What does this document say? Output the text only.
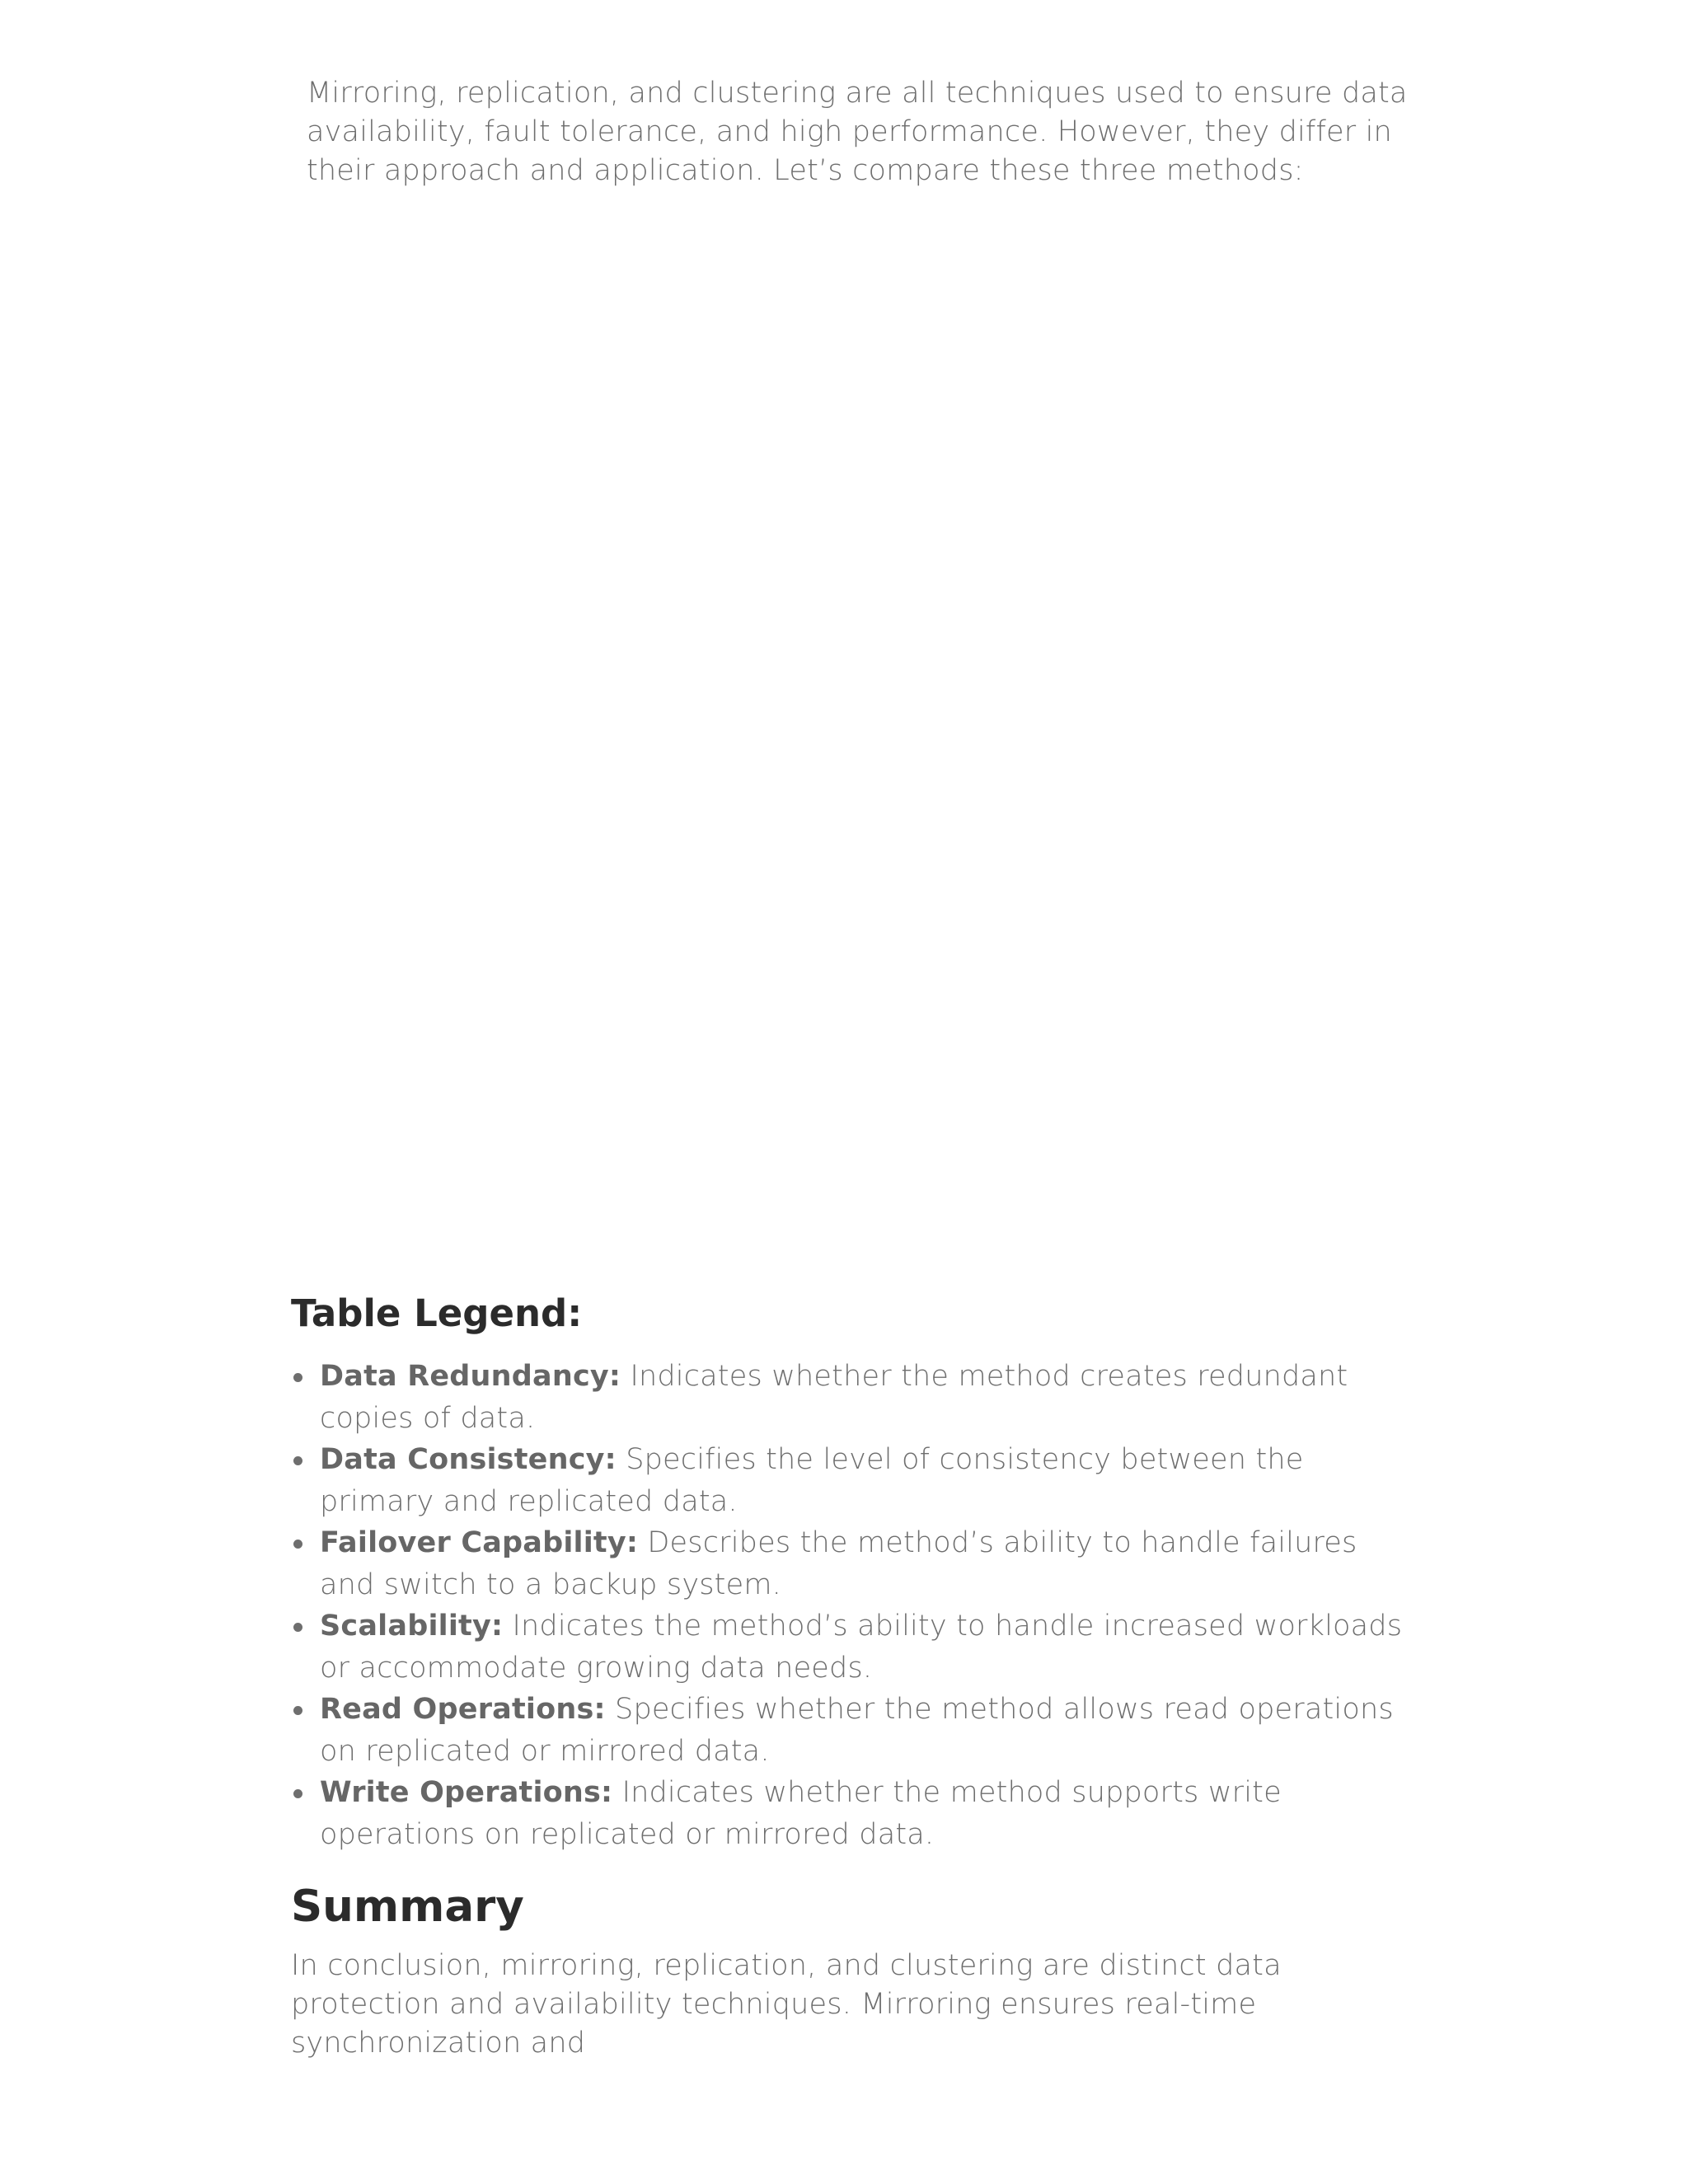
Mirroring, replication, and clustering are all techniques used to ensure data availability, fault tolerance, and high performance. However, they differ in their approach and application. Let’s compare these three methods:

Table Legend:
Data Redundancy: Indicates whether the method creates redundant copies of data.
Data Consistency: Specifies the level of consistency between the primary and replicated data.
Failover Capability: Describes the method’s ability to handle failures and switch to a backup system.
Scalability: Indicates the method’s ability to handle increased workloads or accommodate growing data needs.
Read Operations: Specifies whether the method allows read operations on replicated or mirrored data.
Write Operations: Indicates whether the method supports write operations on replicated or mirrored data.
Summary

In conclusion, mirroring, replication, and clustering are distinct data protection and availability techniques. Mirroring ensures real-time synchronization and
